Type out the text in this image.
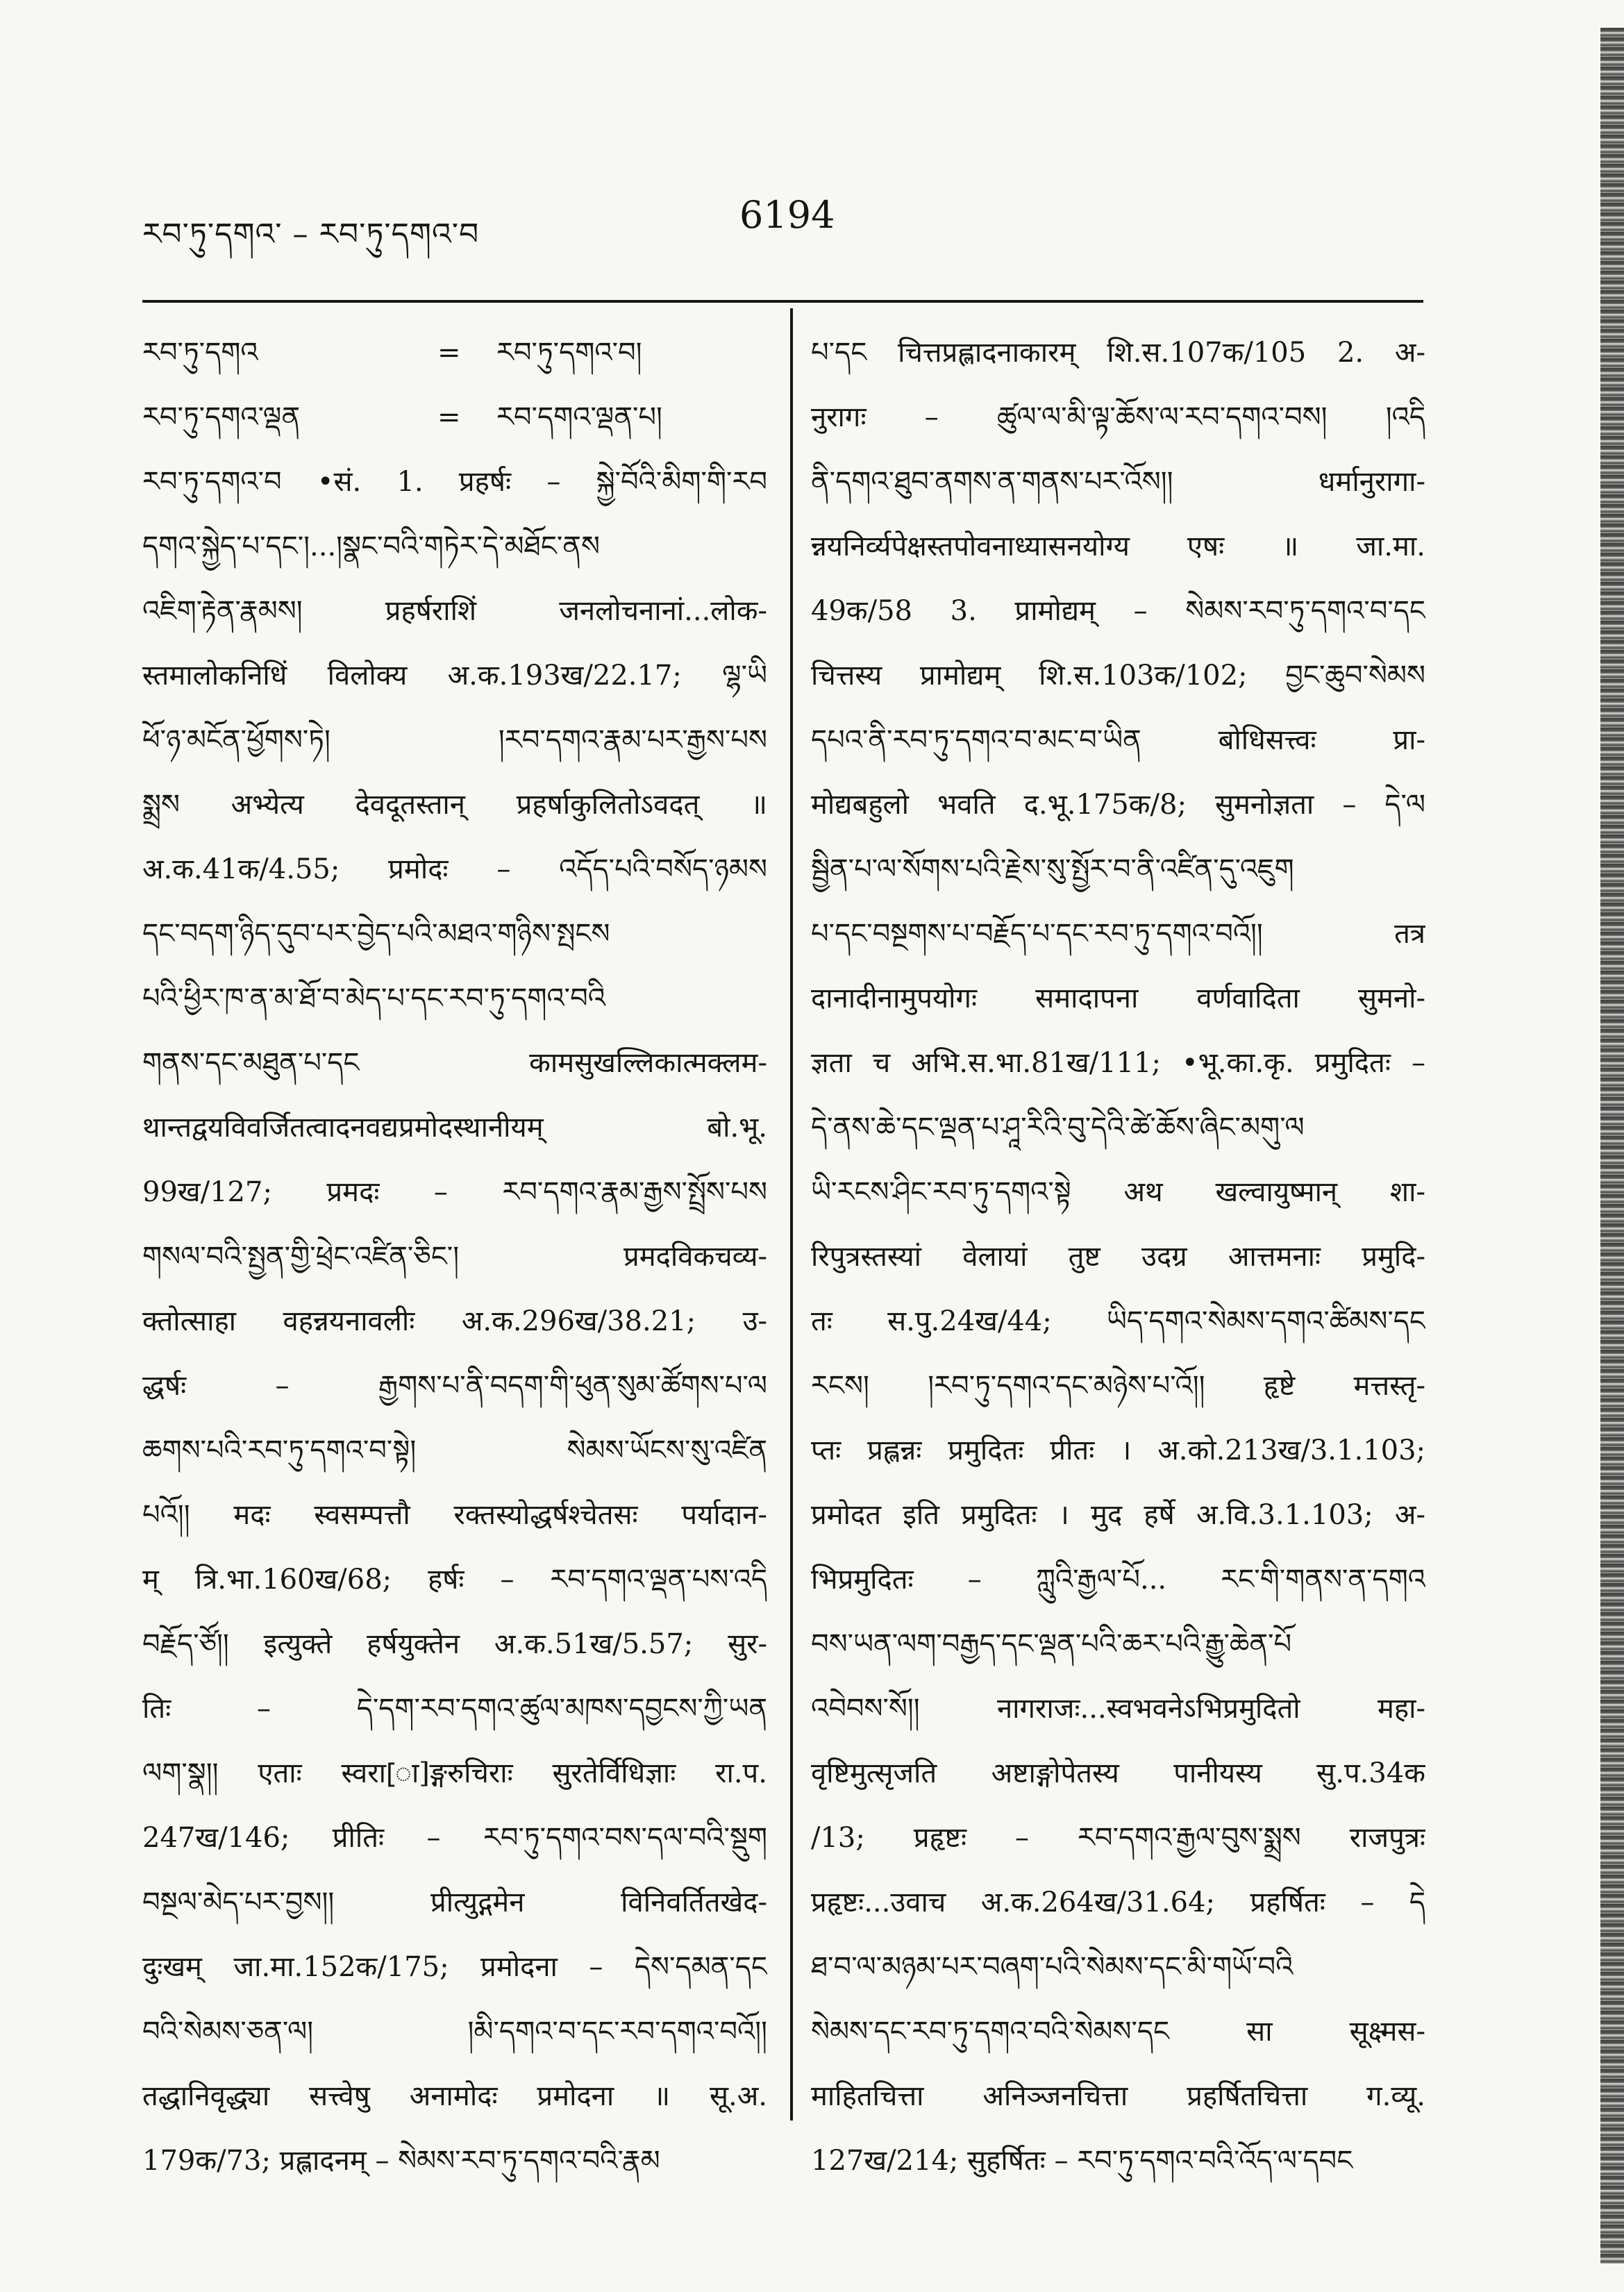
རབ་ཏུ་དགའ་ – རབ་ཏུ་དགའ་བ	6194
རབ་ཏུ་དགའ	= རབ་ཏུ་དགའ་བ།
རབ་ཏུ་དགའ་ལྡན	= རབ་དགའ་ལྡན་པ།
རབ་ཏུ་དགའ་བ •सं. 1. प्रहर्षः – སྐྱེ་བོའི་མིག་གི་རབ
དགའ་སྐྱེད་པ་དང་།...།སྣང་བའི་གཏེར་དེ་མཐོང་ནས
འཇིག་རྟེན་རྣམས། प्रहर्षराशिं जनलोचनानां...लोक-
स्तमालोकनिधिं विलोक्य अ.क.193ख/22.17; ལྷ་ཡི
ཕོ་ཉ་མངོན་ཕྱོགས་ཏེ། །རབ་དགའ་རྣམ་པར་རྒྱས་པས
སྨྲས अभ्येत्य देवदूतस्तान् प्रहर्षाकुलितोऽवदत् ॥
अ.क.41क/4.55; प्रमोदः – འདོད་པའི་བསོད་ཉམས
དང་བདག་ཉིད་དུབ་པར་བྱེད་པའི་མཐའ་གཉིས་སྤངས
པའི་ཕྱིར་ཁ་ན་མ་ཐོ་བ་མེད་པ་དང་རབ་ཏུ་དགའ་བའི
གནས་དང་མཐུན་པ་དང कामसुखल्लिकात्मक्लम-
थान्तद्वयविवर्जितत्वादनवद्यप्रमोदस्थानीयम् बो.भू.
99ख/127; प्रमदः – རབ་དགའ་རྣམ་རྒྱས་སྤྲོས་པས
གསལ་བའི་སྤྱན་གྱི་ཕྲེང་འཛིན་ཅིང་། प्रमदविकचव्य-
क्तोत्साहा वहन्नयनावलीः अ.क.296ख/38.21; उ-
द्धर्षः – རྒྱགས་པ་ནི་བདག་གི་ཕུན་སུམ་ཚོགས་པ་ལ
ཆགས་པའི་རབ་ཏུ་དགའ་བ་སྟེ། སེམས་ཡོངས་སུ་འཛིན
པའོ།། मदः स्वसम्पत्तौ रक्तस्योद्धर्षश्चेतसः पर्यादान-
म् त्रि.भा.160ख/68; हर्षः – རབ་དགའ་ལྡན་པས་འདི
བརྗོད་ཙོ།། इत्युक्ते हर्षयुक्तेन अ.क.51ख/5.57; सुर-
तिः – དེ་དག་རབ་དགའ་ཚུལ་མཁས་དབྱངས་ཀྱི་ཡན
ལག་སྣ།། एताः स्वरा[ा]ङ्गरुचिराः सुरतेर्विधिज्ञाः रा.प.
247ख/146; प्रीतिः – རབ་ཏུ་དགའ་བས་དལ་བའི་སྡུག
བསྔལ་མེད་པར་བྱས།། प्रीत्युद्गमेन विनिवर्तितखेद-
दुःखम् जा.मा.152क/175; प्रमोदना – དེས་དམན་དང
བའི་སེམས་ཅན་ལ། །མི་དགའ་བ་དང་རབ་དགའ་བའོ།།
तद्धानिवृद्ध्या सत्त्वेषु अनामोदः प्रमोदना ॥ सू.अ.
179क/73; प्रह्लादनम् – སེམས་རབ་ཏུ་དགའ་བའི་རྣམ
པ་དང चित्तप्रह्लादनाकारम् शि.स.107क/105 2. अ-
नुरागः – ཚུལ་ལ་མི་ལྟ་ཆོས་ལ་རབ་དགའ་བས། །འདི
ནི་དགའ་ཐུབ་ནགས་ན་གནས་པར་འོས།། धर्मानुरागा-
न्नयनिर्व्यपेक्षस्तपोवनाध्यासनयोग्य एषः ॥ जा.मा.
49क/58 3. प्रामोद्यम् – སེམས་རབ་ཏུ་དགའ་བ་དང
चित्तस्य प्रामोद्यम् शि.स.103क/102; བྱང་ཆུབ་སེམས
དཔའ་ནི་རབ་ཏུ་དགའ་བ་མང་བ་ཡིན बोधिसत्त्वः प्रा-
मोद्यबहुलो भवति द.भू.175क/8; सुमनोज्ञता – དེ་ལ
སྦྱིན་པ་ལ་སོགས་པའི་རྗེས་སུ་སྤྱོར་བ་ནི་འཛིན་དུ་འཇུག
པ་དང་བསྔགས་པ་བརྗོད་པ་དང་རབ་ཏུ་དགའ་བའོ།། तत्र
दानादीनामुपयोगः समादापना वर्णवादिता सुमनो-
ज्ञता च अभि.स.भा.81ख/111; •भू.का.कृ. प्रमुदितः –
དེ་ནས་ཆེ་དང་ལྡན་པ་ཤཱ་རིའི་བུ་དེའི་ཚེ་ཆོས་ཞིང་མགུ་ལ
ཡི་རངས་ཤིང་རབ་ཏུ་དགའ་སྟེ अथ खल्वायुष्मान् शा-
रिपुत्रस्तस्यां वेलायां तुष्ट उदग्र आत्तमनाः प्रमुदि-
तः स.पु.24ख/44; ཡིད་དགའ་སེམས་དགའ་ཚིམས་དང
རངས། །རབ་ཏུ་དགའ་དང་མཉེས་པ་འོ།། हृष्टे मत्तस्तृ-
प्तः प्रह्लन्नः प्रमुदितः प्रीतः । अ.को.213ख/3.1.103;
प्रमोदत इति प्रमुदितः । मुद हर्षे अ.वि.3.1.103; अ-
भिप्रमुदितः – ཀླུའི་རྒྱལ་པོ... རང་གི་གནས་ན་དགའ
བས་ཡན་ལག་བརྒྱད་དང་ལྡན་པའི་ཆར་པའི་རྒྱུ་ཆེན་པོ
འབེབས་སོ།། नागराजः...स्वभवनेऽभिप्रमुदितो महा-
वृष्टिमुत्सृजति अष्टाङ्गोपेतस्य पानीयस्य सु.प.34क
/13; प्रहृष्टः – རབ་དགའ་རྒྱལ་བུས་སྨྲས राजपुत्रः
प्रहृष्टः...उवाच अ.क.264ख/31.64; प्रहर्षितः – དེ
ཐ་བ་ལ་མཉམ་པར་བཞག་པའི་སེམས་དང་མི་གཡོ་བའི
སེམས་དང་རབ་ཏུ་དགའ་བའི་སེམས་དང सा सूक्ष्मस-
माहितचित्ता अनिञ्जनचित्ता प्रहर्षितचित्ता ग.व्यू.
127ख/214; सुहर्षितः – རབ་ཏུ་དགའ་བའི་འོད་ལ་དབང
